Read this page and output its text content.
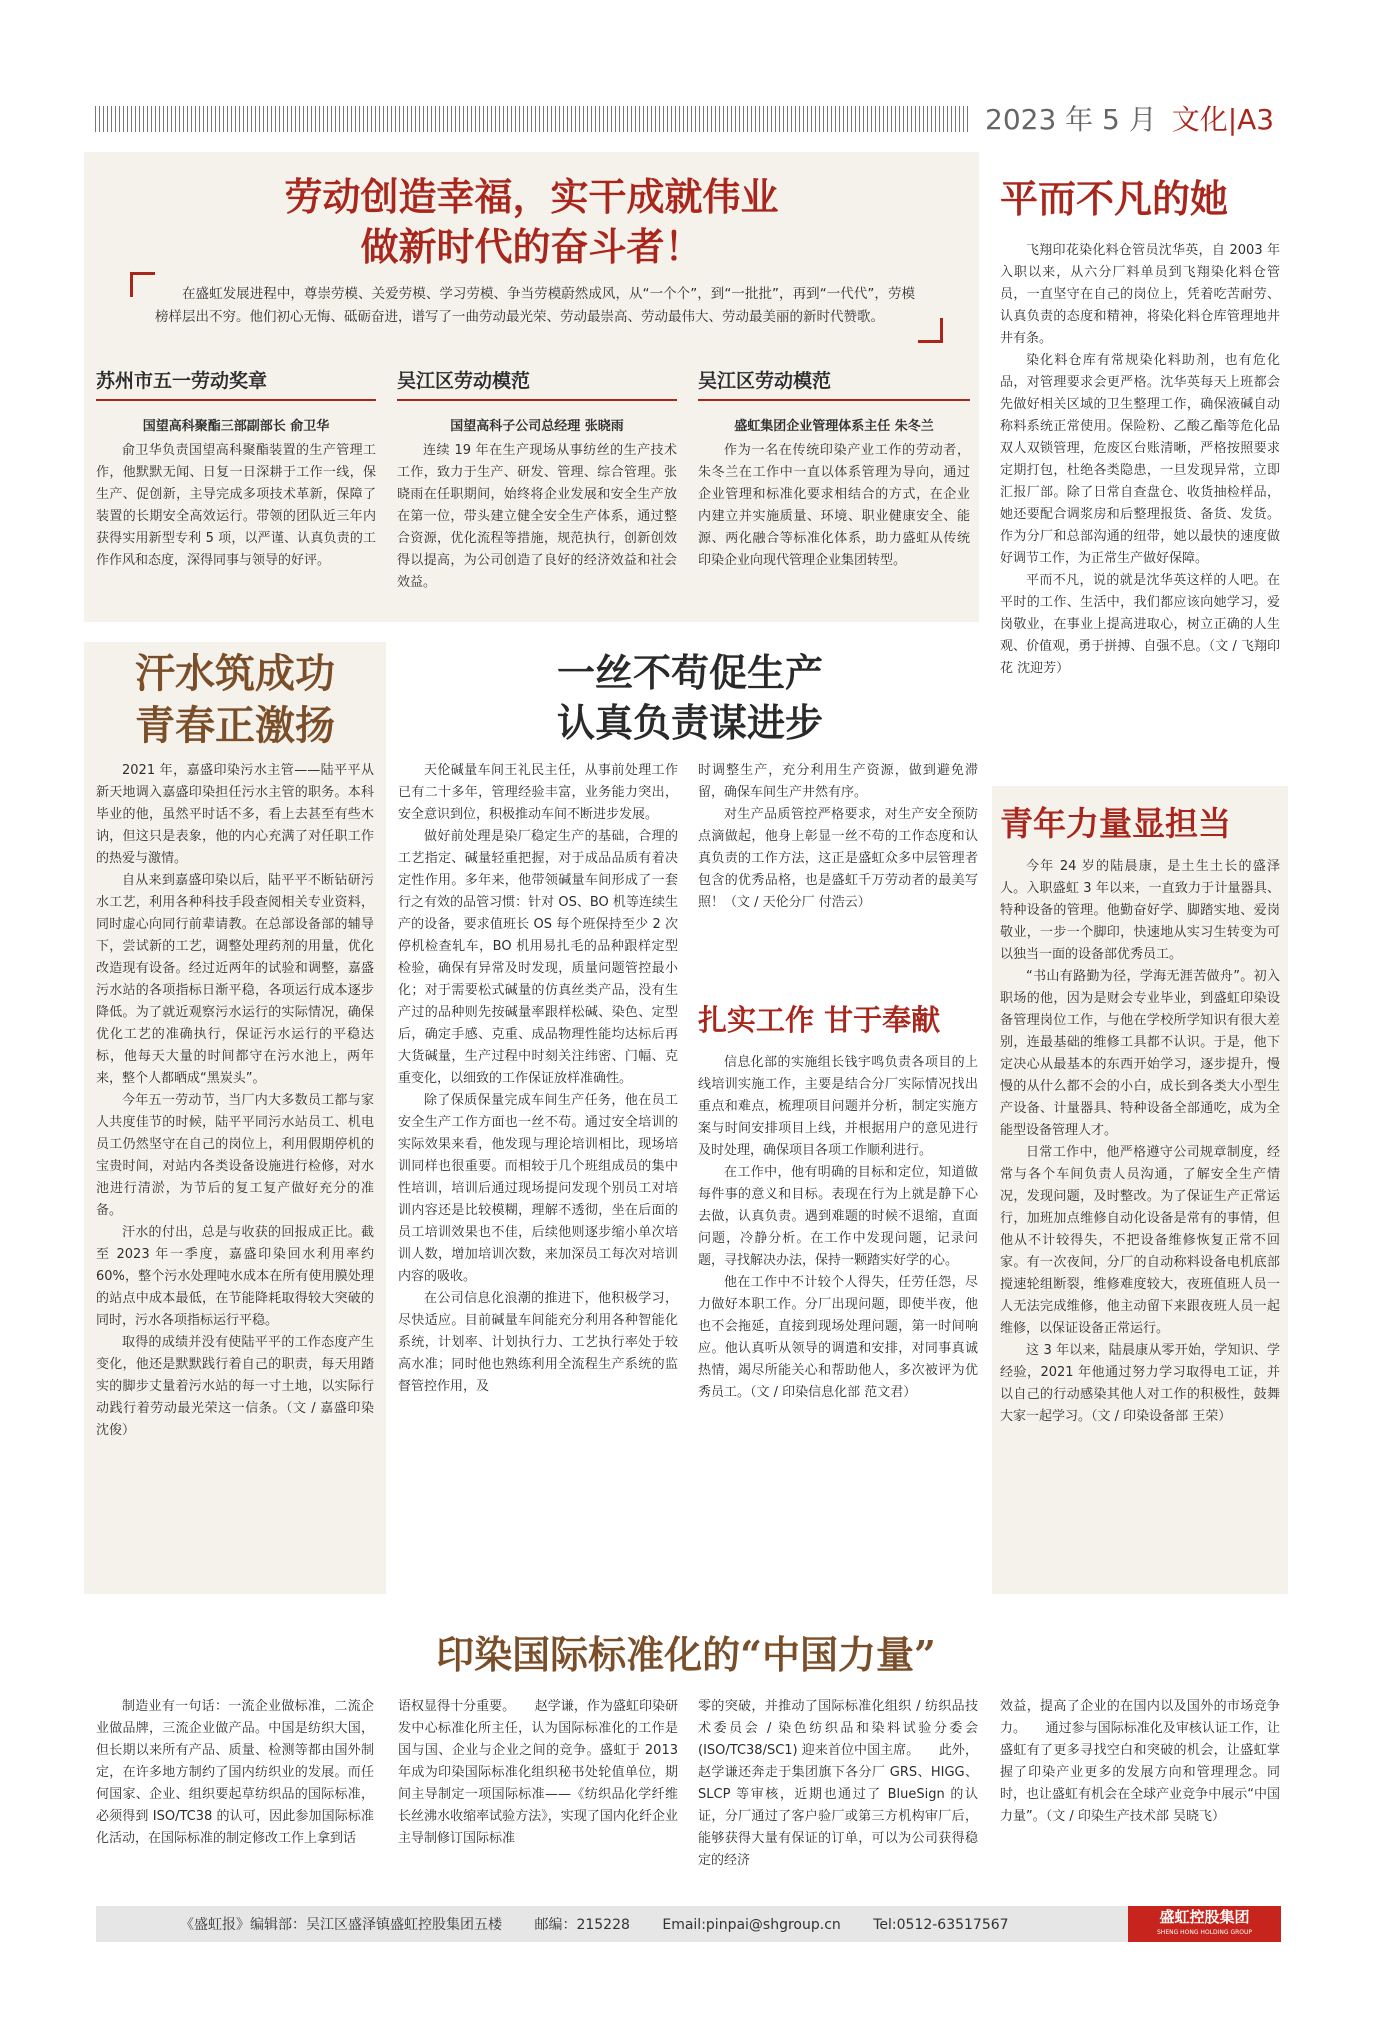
2023 年 5 月 文化|A3
劳动创造幸福，实干成就伟业
做新时代的奋斗者！

在盛虹发展进程中，尊崇劳模、关爱劳模、学习劳模、争当劳模蔚然成风，从“一个个”，到“一批批”，再到“一代代”，劳模榜样层出不穷。他们初心无悔、砥砺奋进，谱写了一曲劳动最光荣、劳动最崇高、劳动最伟大、劳动最美丽的新时代赞歌。

苏州市五一劳动奖章
国望高科聚酯三部副部长 俞卫华

俞卫华负责国望高科聚酯装置的生产管理工作，他默默无闻、日复一日深耕于工作一线，保生产、促创新，主导完成多项技术革新，保障了装置的长期安全高效运行。带领的团队近三年内获得实用新型专利 5 项，以严谨、认真负责的工作作风和态度，深得同事与领导的好评。

吴江区劳动模范
国望高科子公司总经理 张晓雨

连续 19 年在生产现场从事纺丝的生产技术工作，致力于生产、研发、管理、综合管理。张晓雨在任职期间，始终将企业发展和安全生产放在第一位，带头建立健全安全生产体系，通过整合资源，优化流程等措施，规范执行，创新创效得以提高，为公司创造了良好的经济效益和社会效益。

吴江区劳动模范
盛虹集团企业管理体系主任 朱冬兰

作为一名在传统印染产业工作的劳动者，朱冬兰在工作中一直以体系管理为导向，通过企业管理和标准化要求相结合的方式，在企业内建立并实施质量、环境、职业健康安全、能源、两化融合等标准化体系，助力盛虹从传统印染企业向现代管理企业集团转型。

平而不凡的她

飞翔印花染化料仓管员沈华英，自 2003 年入职以来，从六分厂料单员到飞翔染化料仓管员，一直坚守在自己的岗位上，凭着吃苦耐劳、认真负责的态度和精神，将染化料仓库管理地井井有条。

染化料仓库有常规染化料助剂，也有危化品，对管理要求会更严格。沈华英每天上班都会先做好相关区域的卫生整理工作，确保液碱自动称料系统正常使用。保险粉、乙酸乙酯等危化品双人双锁管理，危废区台账清晰，严格按照要求定期打包，杜绝各类隐患，一旦发现异常，立即汇报厂部。除了日常自查盘仓、收货抽检样品，她还要配合调浆房和后整理报货、备货、发货。作为分厂和总部沟通的纽带，她以最快的速度做好调节工作，为正常生产做好保障。

平而不凡，说的就是沈华英这样的人吧。在平时的工作、生活中，我们都应该向她学习，爱岗敬业，在事业上提高进取心，树立正确的人生观、价值观，勇于拼搏、自强不息。（文 / 飞翔印花 沈迎芳）

汗水筑成功
青春正激扬

2021 年，嘉盛印染污水主管——陆平平从新天地调入嘉盛印染担任污水主管的职务。本科毕业的他，虽然平时话不多，看上去甚至有些木讷，但这只是表象，他的内心充满了对任职工作的热爱与激情。

自从来到嘉盛印染以后，陆平平不断钻研污水工艺，利用各种科技手段查阅相关专业资料，同时虚心向同行前辈请教。在总部设备部的辅导下，尝试新的工艺，调整处理药剂的用量，优化改造现有设备。经过近两年的试验和调整，嘉盛污水站的各项指标日渐平稳，各项运行成本逐步降低。为了就近观察污水运行的实际情况，确保优化工艺的准确执行，保证污水运行的平稳达标，他每天大量的时间都守在污水池上，两年来，整个人都晒成“黑炭头”。

今年五一劳动节，当厂内大多数员工都与家人共度佳节的时候，陆平平同污水站员工、机电员工仍然坚守在自己的岗位上，利用假期停机的宝贵时间，对站内各类设备设施进行检修，对水池进行清淤，为节后的复工复产做好充分的准备。

汗水的付出，总是与收获的回报成正比。截至 2023 年一季度，嘉盛印染回水利用率约 60%，整个污水处理吨水成本在所有使用膜处理的站点中成本最低，在节能降耗取得较大突破的同时，污水各项指标运行平稳。

取得的成绩并没有使陆平平的工作态度产生变化，他还是默默践行着自己的职责，每天用踏实的脚步丈量着污水站的每一寸土地，以实际行动践行着劳动最光荣这一信条。（文 / 嘉盛印染 沈俊）

一丝不苟促生产
认真负责谋进步

天伦碱量车间王礼民主任，从事前处理工作已有二十多年，管理经验丰富，业务能力突出，安全意识到位，积极推动车间不断进步发展。

做好前处理是染厂稳定生产的基础，合理的工艺指定、碱量轻重把握，对于成品品质有着决定性作用。多年来，他带领碱量车间形成了一套行之有效的品管习惯：针对 OS、BO 机等连续生产的设备，要求值班长 OS 每个班保持至少 2 次停机检查轧车，BO 机用易扎毛的品种跟样定型检验，确保有异常及时发现，质量问题管控最小化；对于需要松式碱量的仿真丝类产品，没有生产过的品种则先按碱量率跟样松碱、染色、定型后，确定手感、克重、成品物理性能均达标后再大货碱量，生产过程中时刻关注纬密、门幅、克重变化，以细致的工作保证放样准确性。

除了保质保量完成车间生产任务，他在员工安全生产工作方面也一丝不苟。通过安全培训的实际效果来看，他发现与理论培训相比，现场培训同样也很重要。而相较于几个班组成员的集中性培训，培训后通过现场提问发现个别员工对培训内容还是比较模糊，理解不透彻，坐在后面的员工培训效果也不佳，后续他则逐步缩小单次培训人数，增加培训次数，来加深员工每次对培训内容的吸收。

在公司信息化浪潮的推进下，他积极学习，尽快适应。目前碱量车间能充分利用各种智能化系统，计划率、计划执行力、工艺执行率处于较高水准；同时他也熟练利用全流程生产系统的监督管控作用，及

时调整生产，充分利用生产资源，做到避免滞留，确保车间生产井然有序。

对生产品质管控严格要求，对生产安全预防点滴做起，他身上彰显一丝不苟的工作态度和认真负责的工作方法，这正是盛虹众多中层管理者包含的优秀品格，也是盛虹千万劳动者的最美写照！（文 / 天伦分厂 付浩云）

扎实工作 甘于奉献

信息化部的实施组长钱宇鸣负责各项目的上线培训实施工作，主要是结合分厂实际情况找出重点和难点，梳理项目问题并分析，制定实施方案与时间安排项目上线，并根据用户的意见进行及时处理，确保项目各项工作顺利进行。

在工作中，他有明确的目标和定位，知道做每件事的意义和目标。表现在行为上就是静下心去做，认真负责。遇到难题的时候不退缩，直面问题，冷静分析。在工作中发现问题，记录问题，寻找解决办法，保持一颗踏实好学的心。

他在工作中不计较个人得失，任劳任怨，尽力做好本职工作。分厂出现问题，即使半夜，他也不会拖延，直接到现场处理问题，第一时间响应。他认真听从领导的调遣和安排，对同事真诚热情，竭尽所能关心和帮助他人，多次被评为优秀员工。（文 / 印染信息化部 范文君）

青年力量显担当

今年 24 岁的陆晨康，是土生土长的盛泽人。入职盛虹 3 年以来，一直致力于计量器具、特种设备的管理。他勤奋好学、脚踏实地、爱岗敬业，一步一个脚印，快速地从实习生转变为可以独当一面的设备部优秀员工。

“书山有路勤为径，学海无涯苦做舟”。初入职场的他，因为是财会专业毕业，到盛虹印染设备管理岗位工作，与他在学校所学知识有很大差别，连最基础的维修工具都不认识。于是，他下定决心从最基本的东西开始学习，逐步提升，慢慢的从什么都不会的小白，成长到各类大小型生产设备、计量器具、特种设备全部通吃，成为全能型设备管理人才。

日常工作中，他严格遵守公司规章制度，经常与各个车间负责人员沟通，了解安全生产情况，发现问题，及时整改。为了保证生产正常运行，加班加点维修自动化设备是常有的事情，但他从不计较得失，不把设备维修恢复正常不回家。有一次夜间，分厂的自动称料设备电机底部搅速轮组断裂，维修难度较大，夜班值班人员一人无法完成维修，他主动留下来跟夜班人员一起维修，以保证设备正常运行。

这 3 年以来，陆晨康从零开始，学知识、学经验，2021 年他通过努力学习取得电工证，并以自己的行动感染其他人对工作的积极性，鼓舞大家一起学习。（文 / 印染设备部 王荣）

印染国际标准化的“中国力量”

制造业有一句话：一流企业做标准，二流企业做品牌，三流企业做产品。中国是纺织大国，但长期以来所有产品、质量、检测等都由国外制定，在许多地方制约了国内纺织业的发展。而任何国家、企业、组织要起草纺织品的国际标准，必须得到 ISO/TC38 的认可，因此参加国际标准化活动，在国际标准的制定修改工作上拿到话

语权显得十分重要。　　赵学谦，作为盛虹印染研发中心标准化所主任，认为国际标准化的工作是国与国、企业与企业之间的竞争。盛虹于 2013 年成为印染国际标准化组织秘书处轮值单位，期间主导制定一项国际标准——《纺织品化学纤维长丝沸水收缩率试验方法》，实现了国内化纤企业主导制修订国际标准

零的突破，并推动了国际标准化组织 / 纺织品技术委员会 / 染色纺织品和染料试验分委会 (ISO/TC38/SC1) 迎来首位中国主席。　　此外，赵学谦还奔走于集团旗下各分厂 GRS、HIGG、SLCP 等审核，近期也通过了 BlueSign 的认证，分厂通过了客户验厂或第三方机构审厂后，能够获得大量有保证的订单，可以为公司获得稳定的经济

效益，提高了企业的在国内以及国外的市场竞争力。　　通过参与国际标准化及审核认证工作，让盛虹有了更多寻找空白和突破的机会，让盛虹掌握了印染产业更多的发展方向和管理理念。同时，也让盛虹有机会在全球产业竞争中展示“中国力量”。（文 / 印染生产技术部 吴晓飞）

《盛虹报》编辑部：吴江区盛泽镇盛虹控股集团五楼 邮编：215228 Email:pinpai@shgroup.cn Tel:0512-63517567	盛虹控股集团
SHENG HONG HOLDING GROUP
